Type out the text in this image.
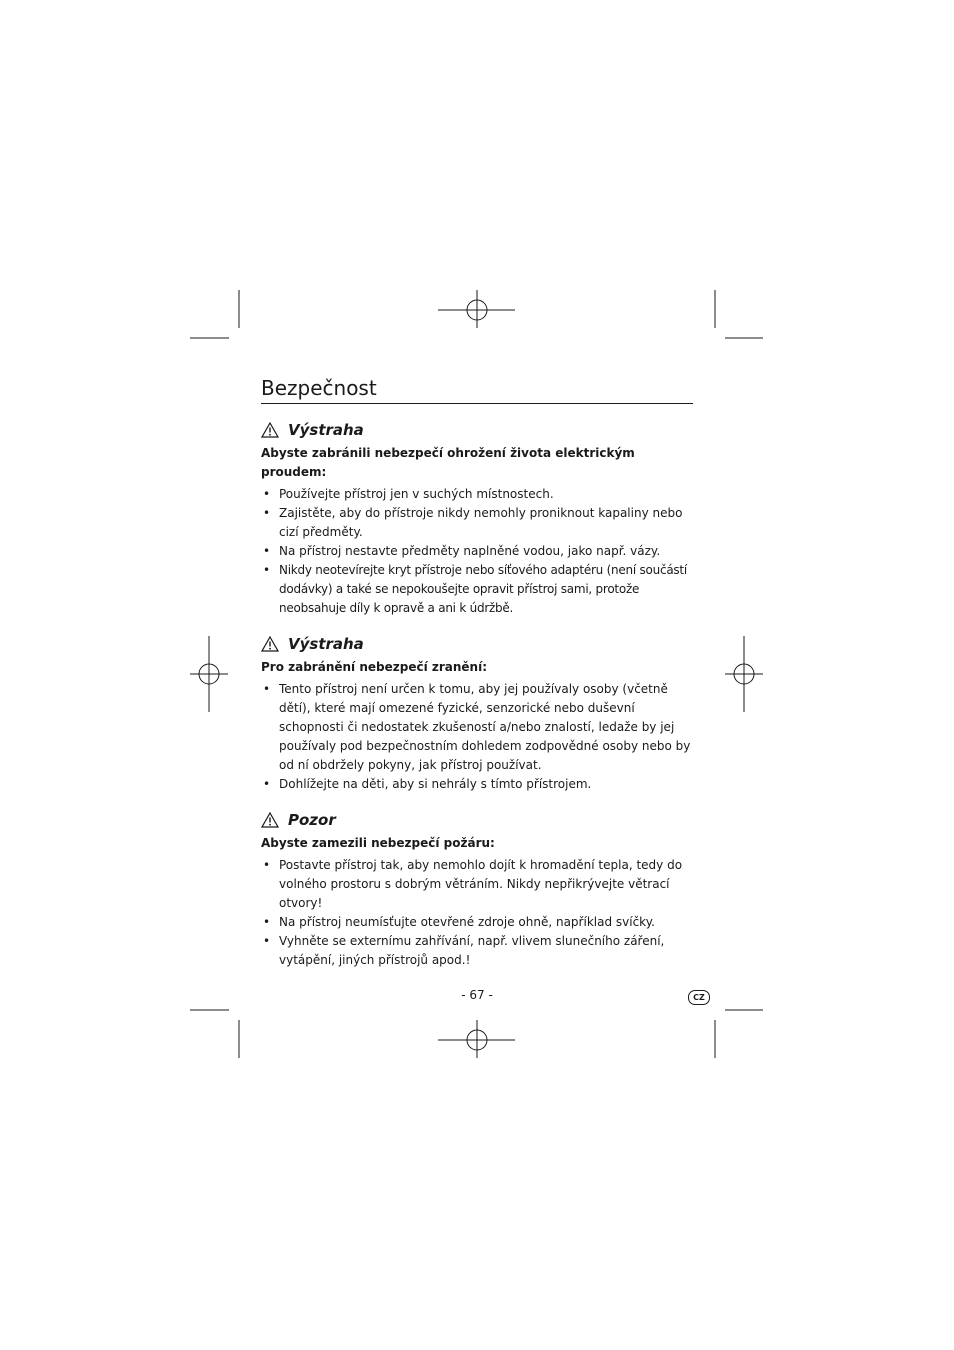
Bezpečnost
Výstraha

Abyste zabránili nebezpečí ohrožení života elektrickým proudem:

• Používejte přístroj jen v suchých místnostech.
• Zajistěte, aby do přístroje nikdy nemohly proniknout kapaliny nebo cizí předměty.
• Na přístroj nestavte předměty naplněné vodou, jako např. vázy.
• Nikdy neotevírejte kryt přístroje nebo síťového adaptéru (není součástí dodávky) a také se nepokoušejte opravit přístroj sami, protože neobsahuje díly k opravě a ani k údržbě.
Výstraha

Pro zabránění nebezpečí zranění:

• Tento přístroj není určen k tomu, aby jej používaly osoby (včetně dětí), které mají omezené fyzické, senzorické nebo duševní schopnosti či nedostatek zkušeností a/nebo znalostí, ledaže by jej používaly pod bezpečnostním dohledem zodpovědné osoby nebo by od ní obdržely pokyny, jak přístroj používat.
• Dohlížejte na děti, aby si nehrály s tímto přístrojem.
Pozor

Abyste zamezili nebezpečí požáru:

• Postavte přístroj tak, aby nemohlo dojít k hromadění tepla, tedy do volného prostoru s dobrým větráním. Nikdy nepřikrývejte větrací otvory!
• Na přístroj neumísťujte otevřené zdroje ohně, například svíčky.
• Vyhněte se externímu zahřívání, např. vlivem slunečního záření, vytápění, jiných přístrojů apod.!
- 67 -	CZ
